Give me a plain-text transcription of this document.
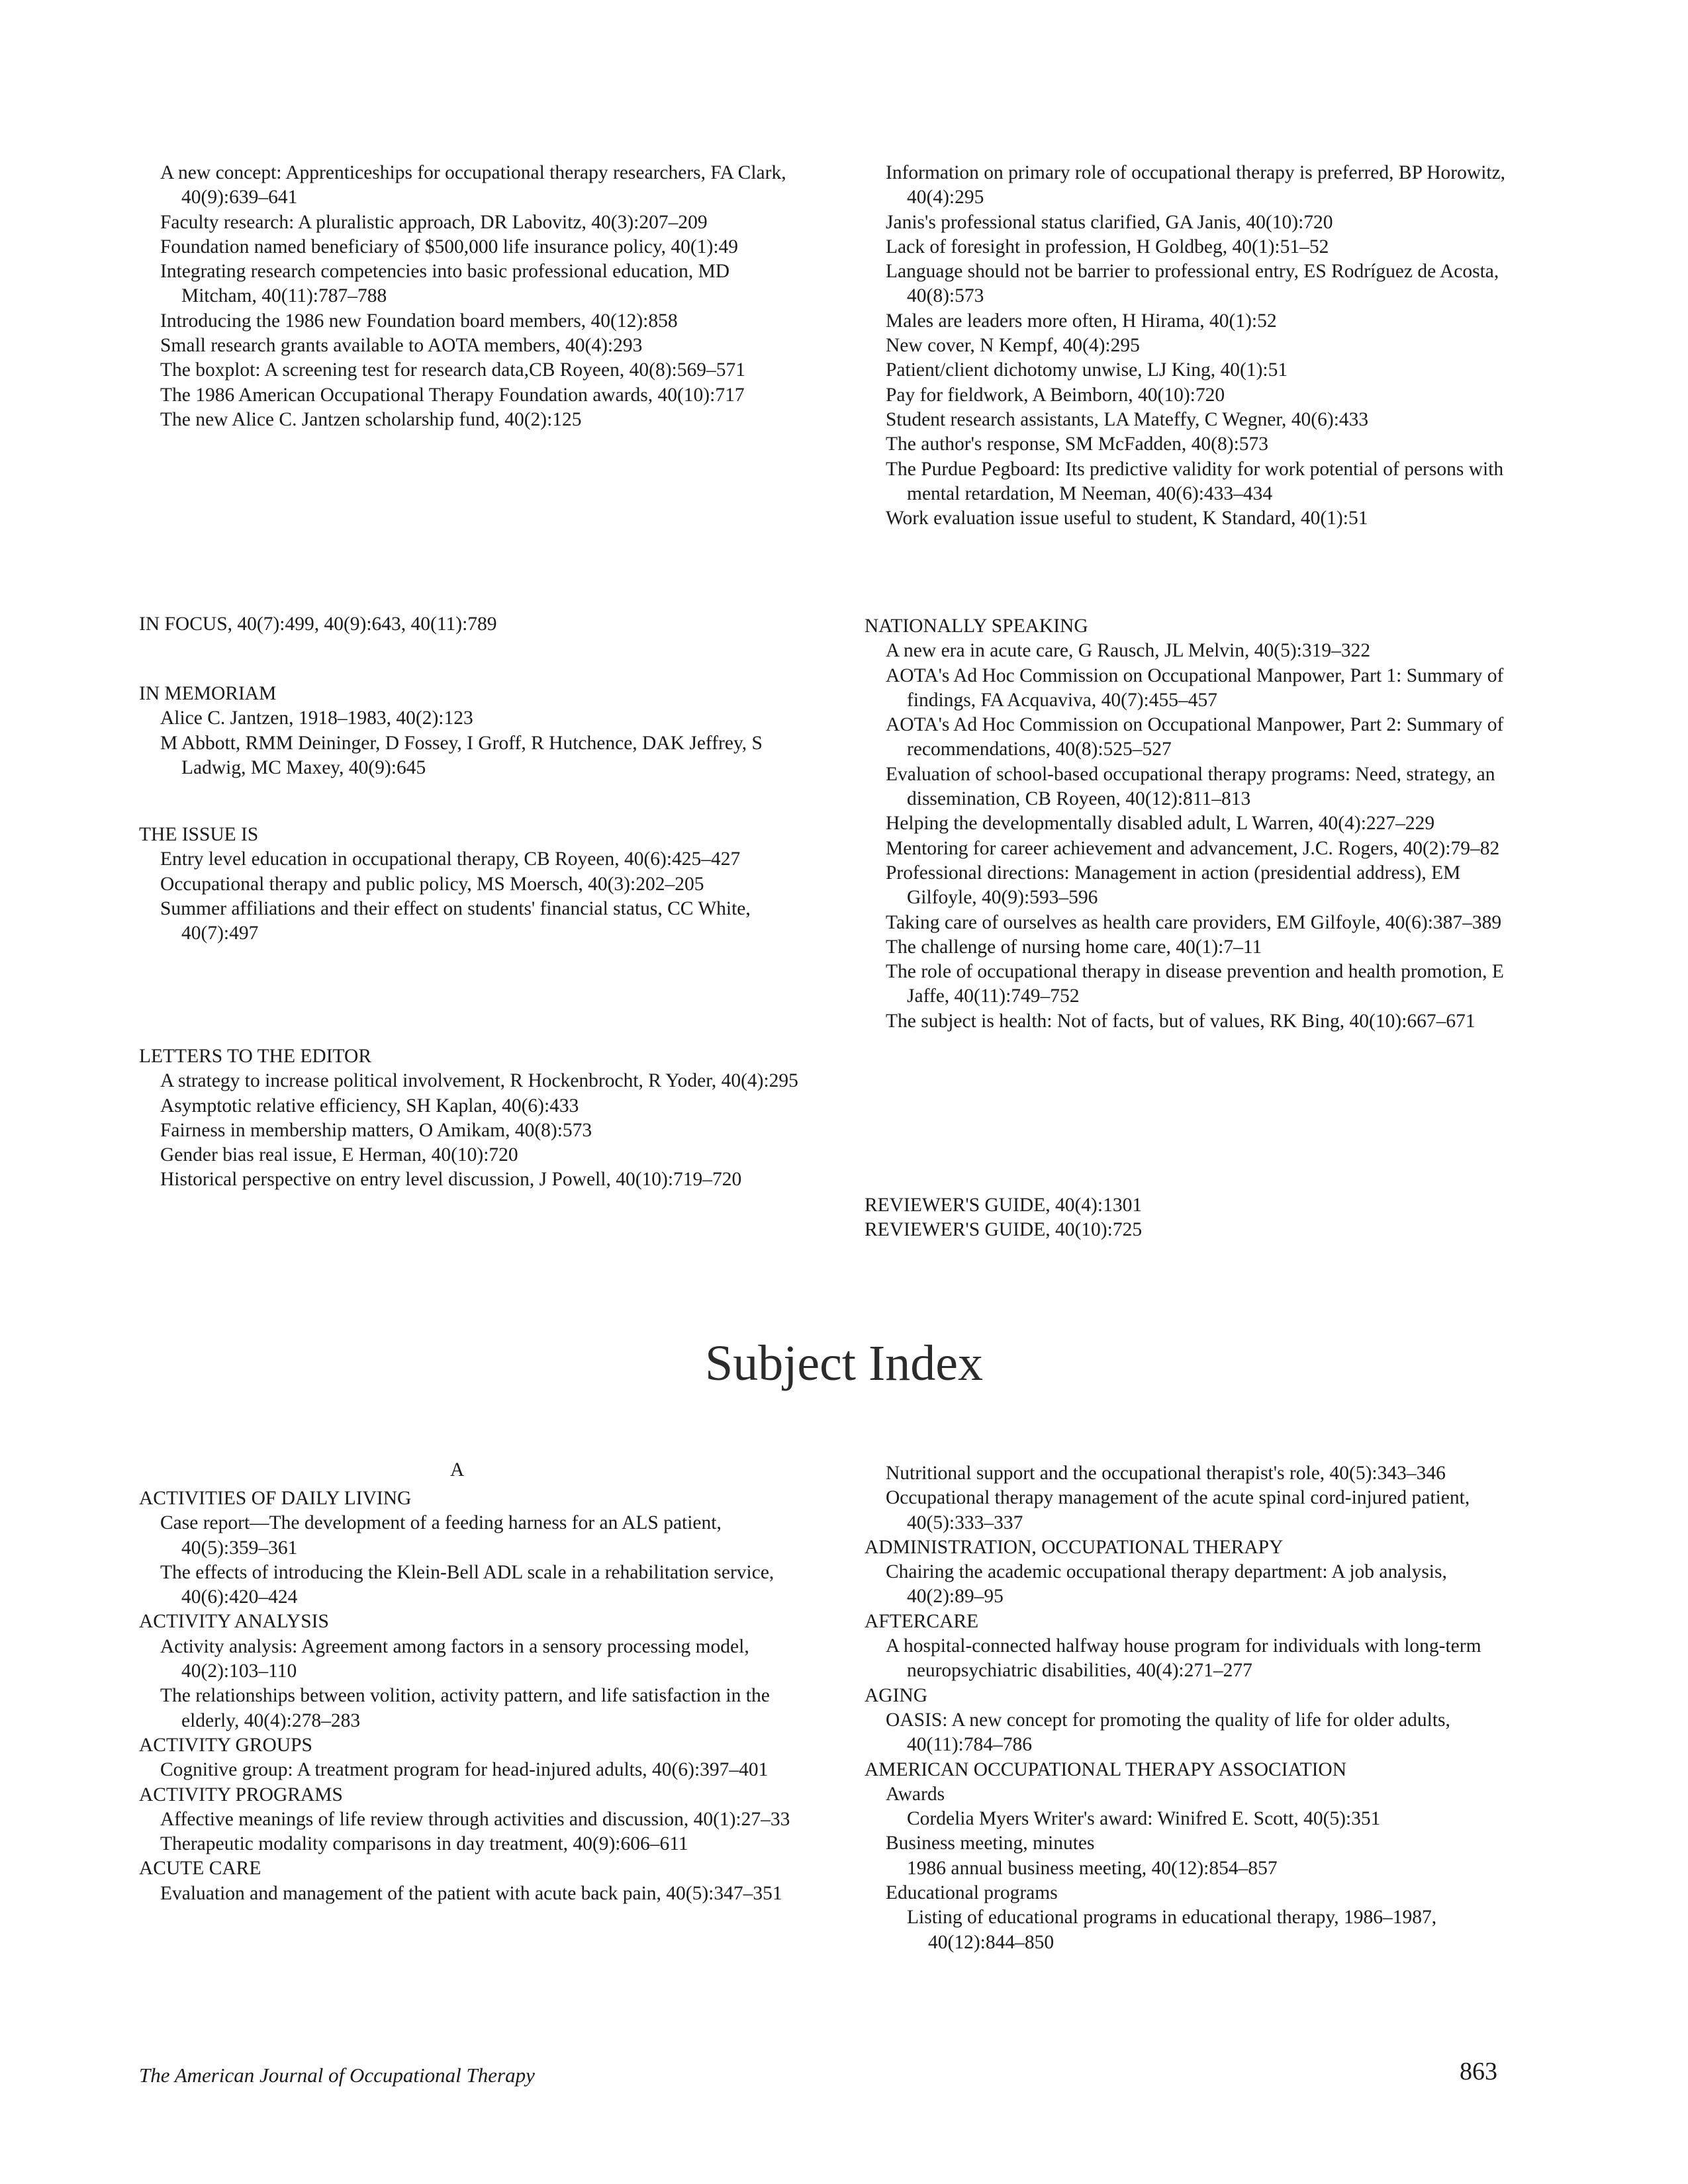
A new concept: Apprenticeships for occupational therapy researchers, FA Clark, 40(9):639–641

Faculty research: A pluralistic approach, DR Labovitz, 40(3):207–209

Foundation named beneficiary of $500,000 life insurance policy, 40(1):49

Integrating research competencies into basic professional education, MD Mitcham, 40(11):787–788

Introducing the 1986 new Foundation board members, 40(12):858

Small research grants available to AOTA members, 40(4):293

The boxplot: A screening test for research data,CB Royeen, 40(8):569–571

The 1986 American Occupational Therapy Foundation awards, 40(10):717

The new Alice C. Jantzen scholarship fund, 40(2):125

IN FOCUS, 40(7):499, 40(9):643, 40(11):789

IN MEMORIAM

Alice C. Jantzen, 1918–1983, 40(2):123

M Abbott, RMM Deininger, D Fossey, I Groff, R Hutchence, DAK Jeffrey, S Ladwig, MC Maxey, 40(9):645

THE ISSUE IS

Entry level education in occupational therapy, CB Royeen, 40(6):425–427

Occupational therapy and public policy, MS Moersch, 40(3):202–205

Summer affiliations and their effect on students' financial status, CC White, 40(7):497

LETTERS TO THE EDITOR

A strategy to increase political involvement, R Hockenbrocht, R Yoder, 40(4):295

Asymptotic relative efficiency, SH Kaplan, 40(6):433

Fairness in membership matters, O Amikam, 40(8):573

Gender bias real issue, E Herman, 40(10):720

Historical perspective on entry level discussion, J Powell, 40(10):719–720

Information on primary role of occupational therapy is preferred, BP Horowitz, 40(4):295

Janis's professional status clarified, GA Janis, 40(10):720

Lack of foresight in profession, H Goldbeg, 40(1):51–52

Language should not be barrier to professional entry, ES Rodríguez de Acosta, 40(8):573

Males are leaders more often, H Hirama, 40(1):52

New cover, N Kempf, 40(4):295

Patient/client dichotomy unwise, LJ King, 40(1):51

Pay for fieldwork, A Beimborn, 40(10):720

Student research assistants, LA Mateffy, C Wegner, 40(6):433

The author's response, SM McFadden, 40(8):573

The Purdue Pegboard: Its predictive validity for work potential of persons with mental retardation, M Neeman, 40(6):433–434

Work evaluation issue useful to student, K Standard, 40(1):51

NATIONALLY SPEAKING

A new era in acute care, G Rausch, JL Melvin, 40(5):319–322

AOTA's Ad Hoc Commission on Occupational Manpower, Part 1: Summary of findings, FA Acquaviva, 40(7):455–457

AOTA's Ad Hoc Commission on Occupational Manpower, Part 2: Summary of recommendations, 40(8):525–527

Evaluation of school-based occupational therapy programs: Need, strategy, an dissemination, CB Royeen, 40(12):811–813

Helping the developmentally disabled adult, L Warren, 40(4):227–229

Mentoring for career achievement and advancement, J.C. Rogers, 40(2):79–82

Professional directions: Management in action (presidential address), EM Gilfoyle, 40(9):593–596

Taking care of ourselves as health care providers, EM Gilfoyle, 40(6):387–389

The challenge of nursing home care, 40(1):7–11

The role of occupational therapy in disease prevention and health promotion, E Jaffe, 40(11):749–752

The subject is health: Not of facts, but of values, RK Bing, 40(10):667–671

REVIEWER'S GUIDE, 40(4):1301

REVIEWER'S GUIDE, 40(10):725

Subject Index
A

ACTIVITIES OF DAILY LIVING

Case report—The development of a feeding harness for an ALS patient, 40(5):359–361

The effects of introducing the Klein-Bell ADL scale in a rehabilitation service, 40(6):420–424

ACTIVITY ANALYSIS

Activity analysis: Agreement among factors in a sensory processing model, 40(2):103–110

The relationships between volition, activity pattern, and life satisfaction in the elderly, 40(4):278–283

ACTIVITY GROUPS

Cognitive group: A treatment program for head-injured adults, 40(6):397–401

ACTIVITY PROGRAMS

Affective meanings of life review through activities and discussion, 40(1):27–33

Therapeutic modality comparisons in day treatment, 40(9):606–611

ACUTE CARE

Evaluation and management of the patient with acute back pain, 40(5):347–351

Nutritional support and the occupational therapist's role, 40(5):343–346

Occupational therapy management of the acute spinal cord-injured patient, 40(5):333–337

ADMINISTRATION, OCCUPATIONAL THERAPY

Chairing the academic occupational therapy department: A job analysis, 40(2):89–95

AFTERCARE

A hospital-connected halfway house program for individuals with long-term neuropsychiatric disabilities, 40(4):271–277

AGING

OASIS: A new concept for promoting the quality of life for older adults, 40(11):784–786

AMERICAN OCCUPATIONAL THERAPY ASSOCIATION

Awards

Cordelia Myers Writer's award: Winifred E. Scott, 40(5):351

Business meeting, minutes

1986 annual business meeting, 40(12):854–857

Educational programs

Listing of educational programs in educational therapy, 1986–1987, 40(12):844–850

The American Journal of Occupational Therapy	863
